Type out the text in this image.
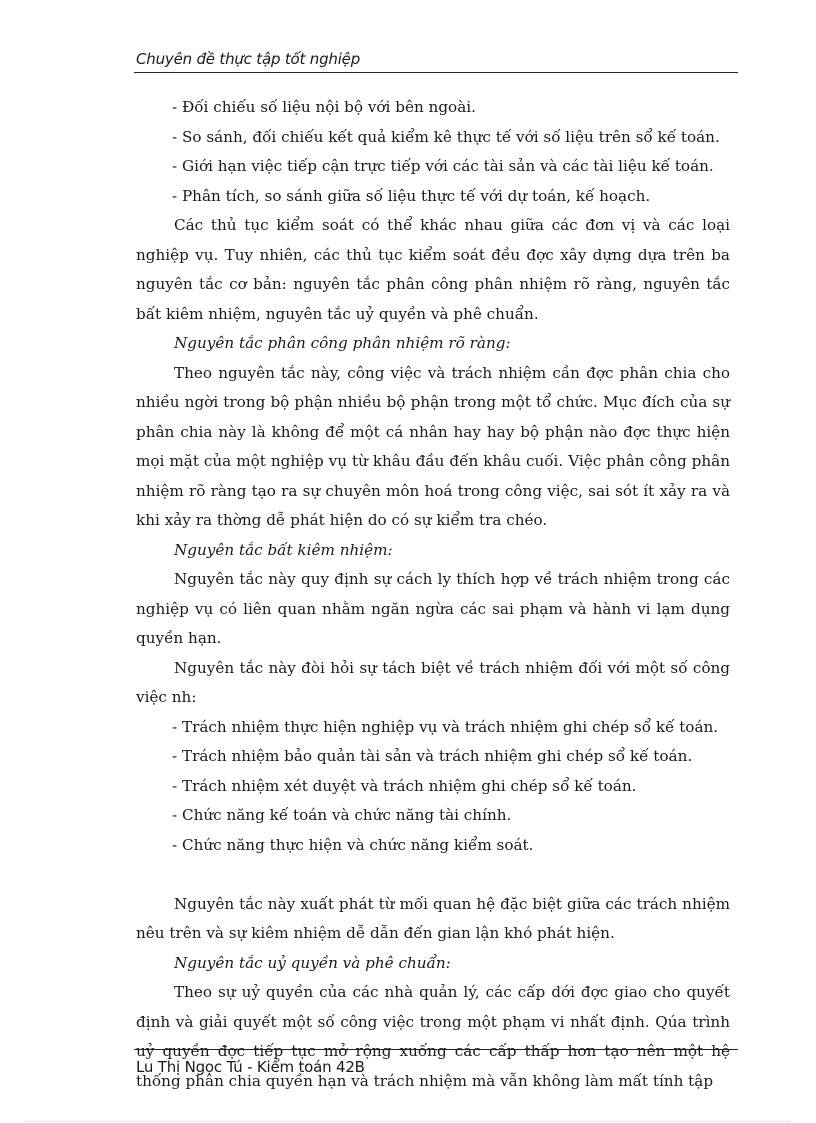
Chuyên đề thực tập tốt nghiệp

- Đối chiếu số liệu nội bộ với bên ngoài.

- So sánh, đối chiếu kết quả kiểm kê thực tế với số liệu trên sổ kế toán.

- Giới hạn việc tiếp cận trực tiếp với các tài sản và các tài liệu kế toán.

- Phân tích, so sánh giữa số liệu thực tế với dự toán, kế hoạch.

Các thủ tục kiểm soát có thể khác nhau giữa các đơn vị và các loại nghiệp vụ. Tuy nhiên, các thủ tục kiểm soát đều đợc xây dựng dựa trên ba nguyên tắc cơ bản: nguyên tắc phân công phân nhiệm rõ ràng, nguyên tắc bất kiêm nhiệm, nguyên tắc uỷ quyền và phê chuẩn.

Nguyên tắc phân công phân nhiệm rõ ràng:

Theo nguyên tắc này, công việc và trách nhiệm cần đợc phân chia cho nhiều ngời trong bộ phận nhiều bộ phận trong một tổ chức. Mục đích của sự phân chia này là không để một cá nhân hay hay bộ phận nào đợc thực hiện mọi mặt của một nghiệp vụ từ khâu đầu đến khâu cuối. Việc phân công phân nhiệm rõ ràng tạo ra sự chuyên môn hoá trong công việc, sai sót ít xảy ra và khi xảy ra thờng dễ phát hiện do có sự kiểm tra chéo.

Nguyên tắc bất kiêm nhiệm:

Nguyên tắc này quy định sự cách ly thích hợp về trách nhiệm trong các nghiệp vụ có liên quan nhằm ngăn ngừa các sai phạm và hành vi lạm dụng quyền hạn.

Nguyên tắc này đòi hỏi sự tách biệt về trách nhiệm đối với một số công việc nh:

- Trách nhiệm thực hiện nghiệp vụ và trách nhiệm ghi chép sổ kế toán.

- Trách nhiệm bảo quản tài sản và trách nhiệm ghi chép sổ kế toán.

- Trách nhiệm xét duyệt và trách nhiệm ghi chép sổ kế toán.

- Chức năng kế toán và chức năng tài chính.

- Chức năng thực hiện và chức năng kiểm soát.

Nguyên tắc này xuất phát từ mối quan hệ đặc biệt giữa các trách nhiệm nêu trên và sự kiêm nhiệm dễ dẫn đến gian lận khó phát hiện.

Nguyên tắc uỷ quyền và phê chuẩn:

Theo sự uỷ quyền của các nhà quản lý, các cấp dới đợc giao cho quyết định và giải quyết một số công việc trong một phạm vi nhất định. Qúa trình uỷ quyền đợc tiếp tục mở rộng xuống các cấp thấp hơn tạo nên một hệ thống phân chia quyền hạn và trách nhiệm mà vẫn không làm mất tính tập

Lu Thị Ngọc Tú - Kiểm toán 42B
